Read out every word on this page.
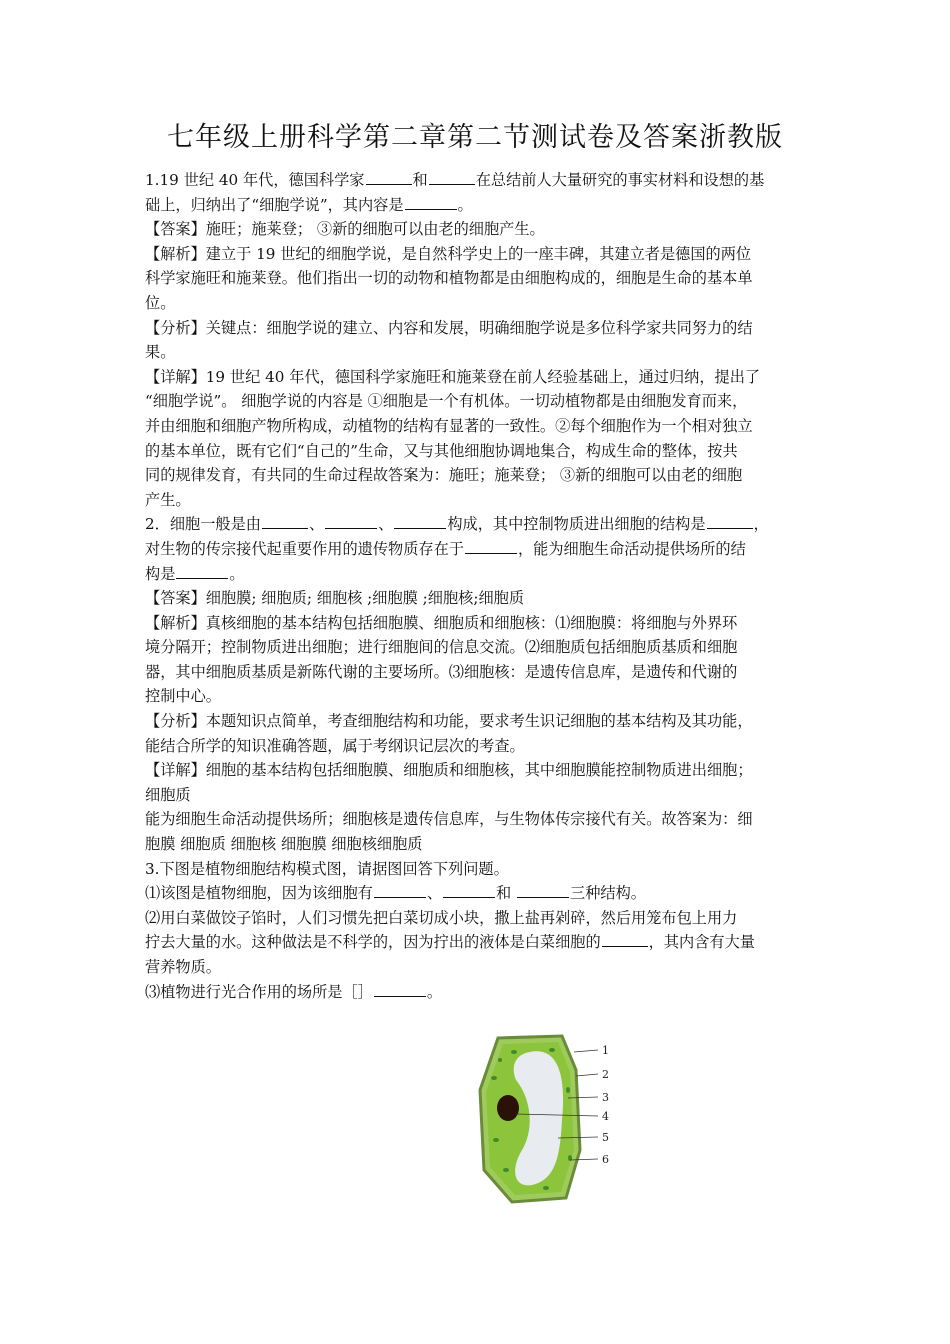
七年级上册科学第二章第二节测试卷及答案浙教版

1.19 世纪 40 年代，德国科学家	和	在总结前人大量研究的事实材料和设想的基

础上，归纳出了“细胞学说”，其内容是	。

【答案】施旺；施莱登； ③新的细胞可以由老的细胞产生。

【解析】建立于 19 世纪的细胞学说，是自然科学史上的一座丰碑，其建立者是德国的两位

科学家施旺和施莱登。他们指出一切的动物和植物都是由细胞构成的，细胞是生命的基本单

位。

【分析】关键点：细胞学说的建立、内容和发展，明确细胞学说是多位科学家共同努力的结

果。

【详解】19 世纪 40 年代，德国科学家施旺和施莱登在前人经验基础上，通过归纳，提出了

“细胞学说”。 细胞学说的内容是 ①细胞是一个有机体。一切动植物都是由细胞发育而来，

并由细胞和细胞产物所构成，动植物的结构有显著的一致性。②每个细胞作为一个相对独立

的基本单位，既有它们“自己的”生命，又与其他细胞协调地集合，构成生命的整体，按共

同的规律发育，有共同的生命过程故答案为：施旺；施莱登； ③新的细胞可以由老的细胞

产生。

2．细胞一般是由	、	、	构成，其中控制物质进出细胞的结构是	，

对生物的传宗接代起重要作用的遗传物质存在于	，能为细胞生命活动提供场所的结

构是	。

【答案】细胞膜; 细胞质; 细胞核 ;细胞膜 ;细胞核;细胞质

【解析】真核细胞的基本结构包括细胞膜、细胞质和细胞核：⑴细胞膜：将细胞与外界环

境分隔开；控制物质进出细胞；进行细胞间的信息交流。⑵细胞质包括细胞质基质和细胞

器，其中细胞质基质是新陈代谢的主要场所。⑶细胞核：是遗传信息库，是遗传和代谢的

控制中心。

【分析】本题知识点简单，考查细胞结构和功能，要求考生识记细胞的基本结构及其功能，

能结合所学的知识准确答题，属于考纲识记层次的考查。

【详解】细胞的基本结构包括细胞膜、细胞质和细胞核，其中细胞膜能控制物质进出细胞；

细胞质

能为细胞生命活动提供场所；细胞核是遗传信息库，与生物体传宗接代有关。故答案为：细

胞膜 细胞质 细胞核 细胞膜 细胞核细胞质

3.下图是植物细胞结构模式图，请据图回答下列问题。

⑴该图是植物细胞，因为该细胞有	、	和	三种结构。

⑵用白菜做饺子馅时，人们习惯先把白菜切成小块，撒上盐再剁碎，然后用笼布包上用力

拧去大量的水。这种做法是不科学的，因为拧出的液体是白菜细胞的	，其内含有大量

营养物质。

⑶植物进行光合作用的场所是［］	。

1
2
3
4
5
6
